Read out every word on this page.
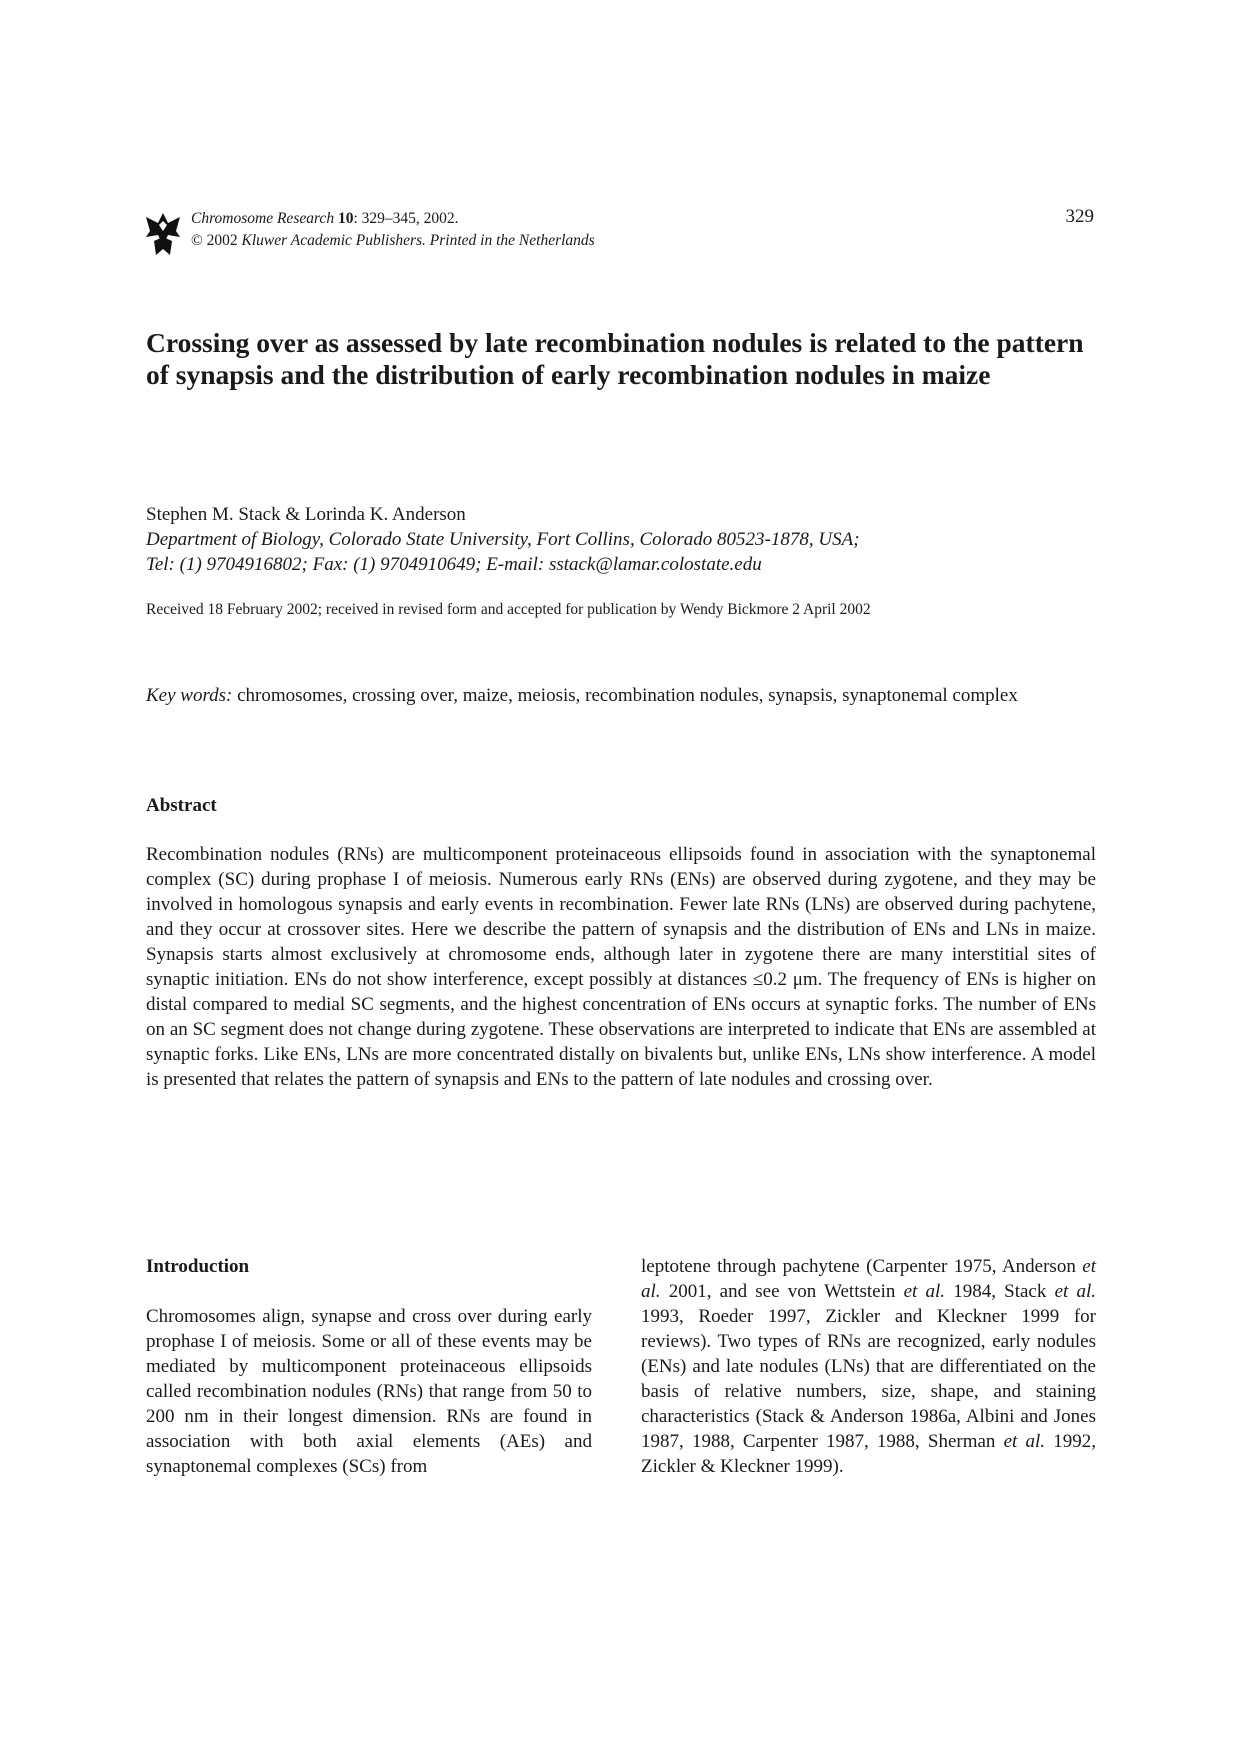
Chromosome Research 10: 329–345, 2002.
© 2002 Kluwer Academic Publishers. Printed in the Netherlands
329
Crossing over as assessed by late recombination nodules is related to the pattern of synapsis and the distribution of early recombination nodules in maize
Stephen M. Stack & Lorinda K. Anderson
Department of Biology, Colorado State University, Fort Collins, Colorado 80523-1878, USA;
Tel: (1) 9704916802; Fax: (1) 9704910649; E-mail: sstack@lamar.colostate.edu
Received 18 February 2002; received in revised form and accepted for publication by Wendy Bickmore 2 April 2002
Key words: chromosomes, crossing over, maize, meiosis, recombination nodules, synapsis, synaptonemal complex
Abstract
Recombination nodules (RNs) are multicomponent proteinaceous ellipsoids found in association with the synaptonemal complex (SC) during prophase I of meiosis. Numerous early RNs (ENs) are observed during zygotene, and they may be involved in homologous synapsis and early events in recombination. Fewer late RNs (LNs) are observed during pachytene, and they occur at crossover sites. Here we describe the pattern of synapsis and the distribution of ENs and LNs in maize. Synapsis starts almost exclusively at chromosome ends, although later in zygotene there are many interstitial sites of synaptic initiation. ENs do not show interference, except possibly at distances ≤0.2 μm. The frequency of ENs is higher on distal compared to medial SC segments, and the highest concentration of ENs occurs at synaptic forks. The number of ENs on an SC segment does not change during zygotene. These observations are interpreted to indicate that ENs are assembled at synaptic forks. Like ENs, LNs are more concentrated distally on bivalents but, unlike ENs, LNs show interference. A model is presented that relates the pattern of synapsis and ENs to the pattern of late nodules and crossing over.
Introduction

Chromosomes align, synapse and cross over during early prophase I of meiosis. Some or all of these events may be mediated by multicomponent proteinaceous ellipsoids called recombination nodules (RNs) that range from 50 to 200 nm in their longest dimension. RNs are found in association with both axial elements (AEs) and synaptonemal complexes (SCs) from

leptotene through pachytene (Carpenter 1975, Anderson et al. 2001, and see von Wettstein et al. 1984, Stack et al. 1993, Roeder 1997, Zickler and Kleckner 1999 for reviews). Two types of RNs are recognized, early nodules (ENs) and late nodules (LNs) that are differentiated on the basis of relative numbers, size, shape, and staining characteristics (Stack & Anderson 1986a, Albini and Jones 1987, 1988, Carpenter 1987, 1988, Sherman et al. 1992, Zickler & Kleckner 1999).
